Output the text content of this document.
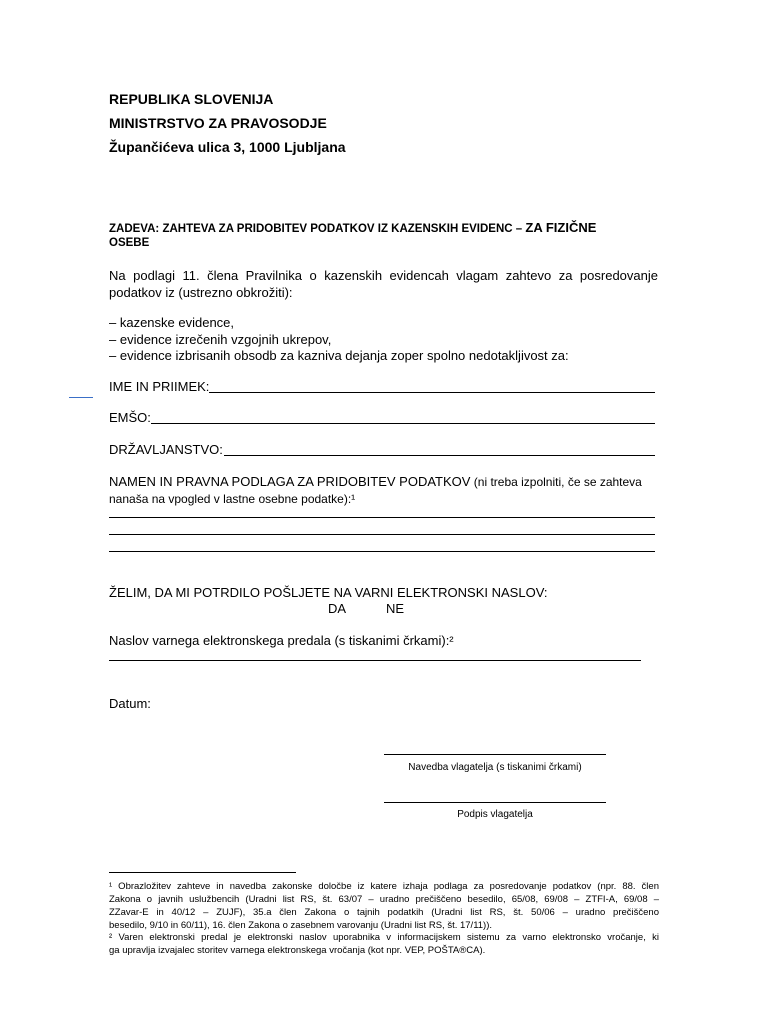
REPUBLIKA SLOVENIJA
MINISTRSTVO ZA PRAVOSODJE
Župančićeva ulica 3, 1000 Ljubljana
ZADEVA: ZAHTEVA ZA PRIDOBITEV PODATKOV IZ KAZENSKIH EVIDENC – ZA FIZIČNE
OSEBE
Na podlagi 11. člena Pravilnika o kazenskih evidencah vlagam zahtevo za posredovanje
podatkov iz (ustrezno obkrožiti):
– kazenske evidence,
– evidence izrečenih vzgojnih ukrepov,
– evidence izbrisanih obsodb za kazniva dejanja zoper spolno nedotakljivost za:
IME IN PRIIMEK:
EMŠO:
DRŽAVLJANSTVO:
NAMEN IN PRAVNA PODLAGA ZA PRIDOBITEV PODATKOV (ni treba izpolniti, če se zahteva
nanaša na vpogled v lastne osebne podatke):¹
ŽELIM, DA MI POTRDILO POŠLJETE NA VARNI ELEKTRONSKI NASLOV:
DA	NE
Naslov varnega elektronskega predala (s tiskanimi črkami):²
Datum:
Navedba vlagatelja (s tiskanimi črkami)
Podpis vlagatelja
¹ Obrazložitev zahteve in navedba zakonske določbe iz katere izhaja podlaga za posredovanje podatkov (npr. 88. člen
Zakona o javnih uslužbencih (Uradni list RS, št. 63/07 – uradno prečiščeno besedilo, 65/08, 69/08 – ZTFI-A, 69/08 –
ZZavar-E in 40/12 – ZUJF), 35.a člen Zakona o tajnih podatkih (Uradni list RS, št. 50/06 – uradno prečiščeno
besedilo, 9/10 in 60/11), 16. člen Zakona o zasebnem varovanju (Uradni list RS, št. 17/11)).
² Varen elektronski predal je elektronski naslov uporabnika v informacijskem sistemu za varno elektronsko vročanje, ki
ga upravlja izvajalec storitev varnega elektronskega vročanja (kot npr. VEP, POŠTA®CA).
